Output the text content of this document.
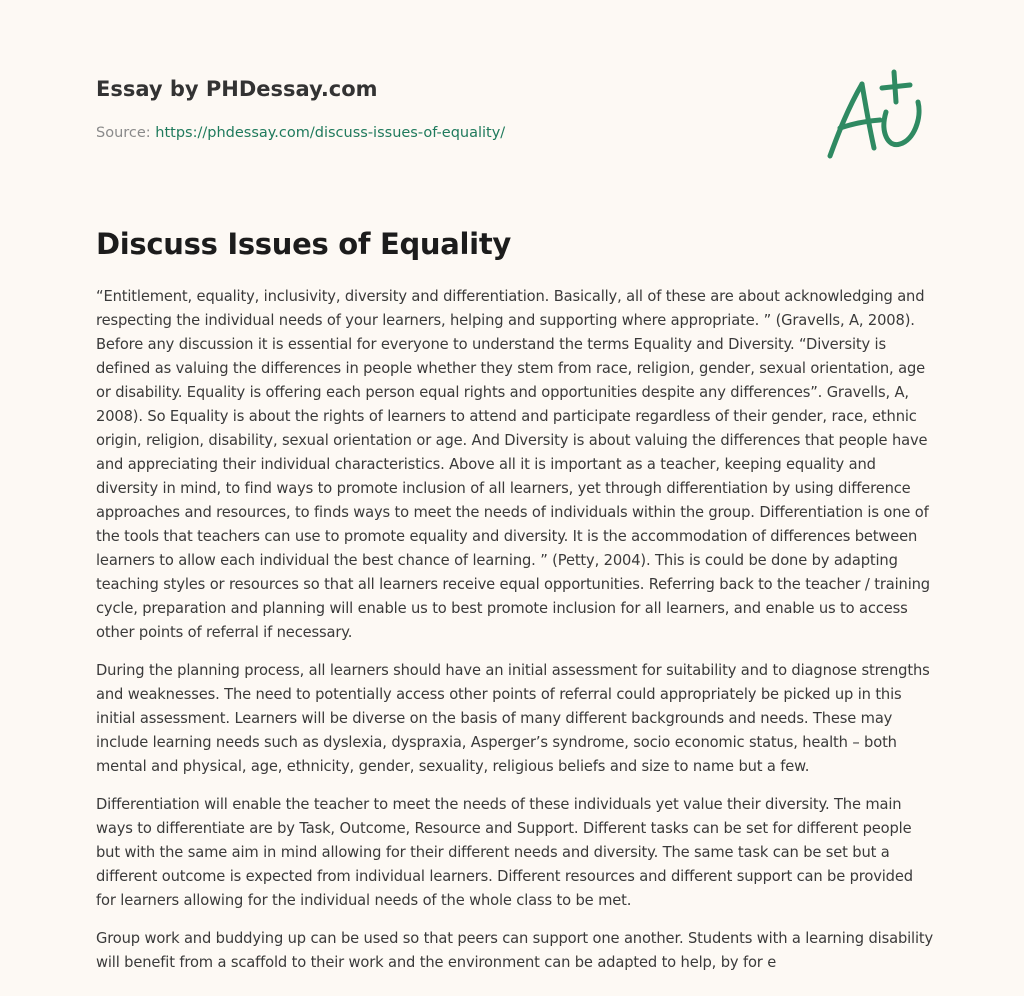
Essay by PHDessay.com
Source: https://phdessay.com/discuss-issues-of-equality/
Discuss Issues of Equality

“Entitlement, equality, inclusivity, diversity and differentiation. Basically, all of these are about acknowledging and respecting the individual needs of your learners, helping and supporting where appropriate. ” (Gravells, A, 2008). Before any discussion it is essential for everyone to understand the terms Equality and Diversity. “Diversity is defined as valuing the differences in people whether they stem from race, religion, gender, sexual orientation, age or disability. Equality is offering each person equal rights and opportunities despite any differences”. Gravells, A, 2008). So Equality is about the rights of learners to attend and participate regardless of their gender, race, ethnic origin, religion, disability, sexual orientation or age. And Diversity is about valuing the differences that people have and appreciating their individual characteristics. Above all it is important as a teacher, keeping equality and diversity in mind, to find ways to promote inclusion of all learners, yet through differentiation by using difference approaches and resources, to finds ways to meet the needs of individuals within the group. Differentiation is one of the tools that teachers can use to promote equality and diversity. It is the accommodation of differences between learners to allow each individual the best chance of learning. ” (Petty, 2004). This is could be done by adapting teaching styles or resources so that all learners receive equal opportunities. Referring back to the teacher / training cycle, preparation and planning will enable us to best promote inclusion for all learners, and enable us to access other points of referral if necessary.

During the planning process, all learners should have an initial assessment for suitability and to diagnose strengths and weaknesses. The need to potentially access other points of referral could appropriately be picked up in this initial assessment. Learners will be diverse on the basis of many different backgrounds and needs. These may include learning needs such as dyslexia, dyspraxia, Asperger’s syndrome, socio economic status, health – both mental and physical, age, ethnicity, gender, sexuality, religious beliefs and size to name but a few.

Differentiation will enable the teacher to meet the needs of these individuals yet value their diversity. The main ways to differentiate are by Task, Outcome, Resource and Support. Different tasks can be set for different people but with the same aim in mind allowing for their different needs and diversity. The same task can be set but a different outcome is expected from individual learners. Different resources and different support can be provided for learners allowing for the individual needs of the whole class to be met.

Group work and buddying up can be used so that peers can support one another. Students with a learning disability will benefit from a scaffold to their work and the environment can be adapted to help, by for e
